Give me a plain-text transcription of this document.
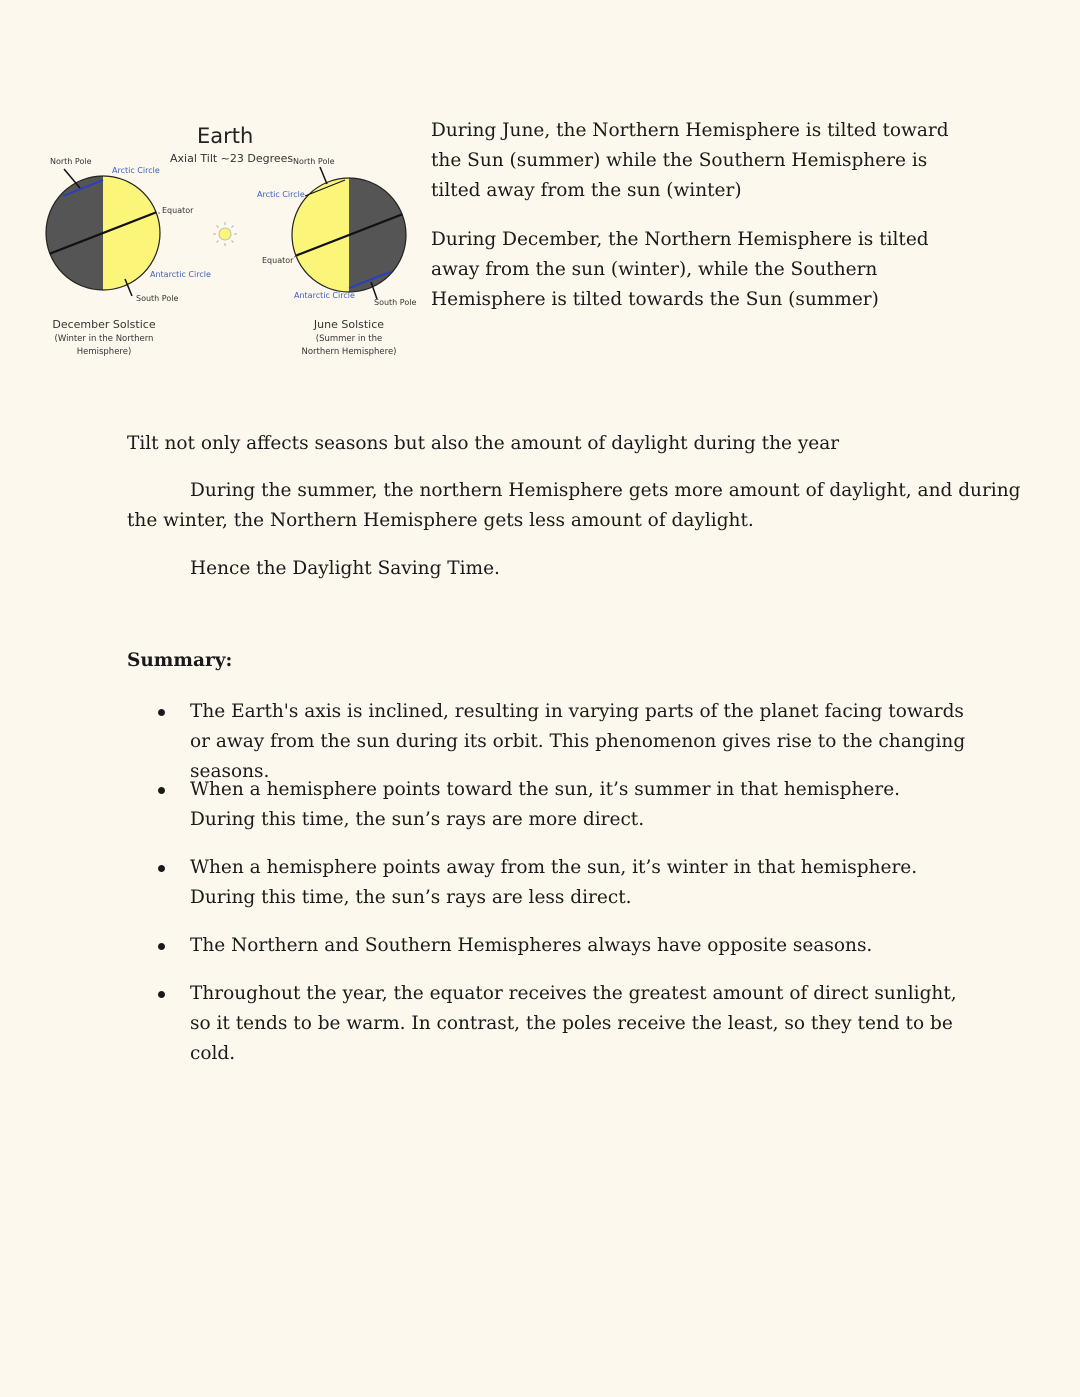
Earth
Axial Tilt ~23 Degrees
North Pole
Arctic Circle
Equator
Antarctic Circle
South Pole
December Solstice
(Winter in the Northern
Hemisphere)
North Pole
Arctic Circle
Equator
Antarctic Circle
South Pole
June Solstice
(Summer in the
Northern Hemisphere)

During June, the Northern Hemisphere is tilted toward the Sun (summer) while the Southern Hemisphere is tilted away from the sun (winter)

During December, the Northern Hemisphere is tilted away from the sun (winter), while the Southern Hemisphere is tilted towards the Sun (summer)

Tilt not only affects seasons but also the amount of daylight during the year

During the summer, the northern Hemisphere gets more amount of daylight, and during

the winter, the Northern Hemisphere gets less amount of daylight.

Hence the Daylight Saving Time.

Summary:

The Earth's axis is inclined, resulting in varying parts of the planet facing towards or away from the sun during its orbit. This phenomenon gives rise to the changing seasons.
When a hemisphere points toward the sun, it’s summer in that hemisphere. During this time, the sun’s rays are more direct.
When a hemisphere points away from the sun, it’s winter in that hemisphere. During this time, the sun’s rays are less direct.
The Northern and Southern Hemispheres always have opposite seasons.
Throughout the year, the equator receives the greatest amount of direct sunlight, so it tends to be warm. In contrast, the poles receive the least, so they tend to be cold.
